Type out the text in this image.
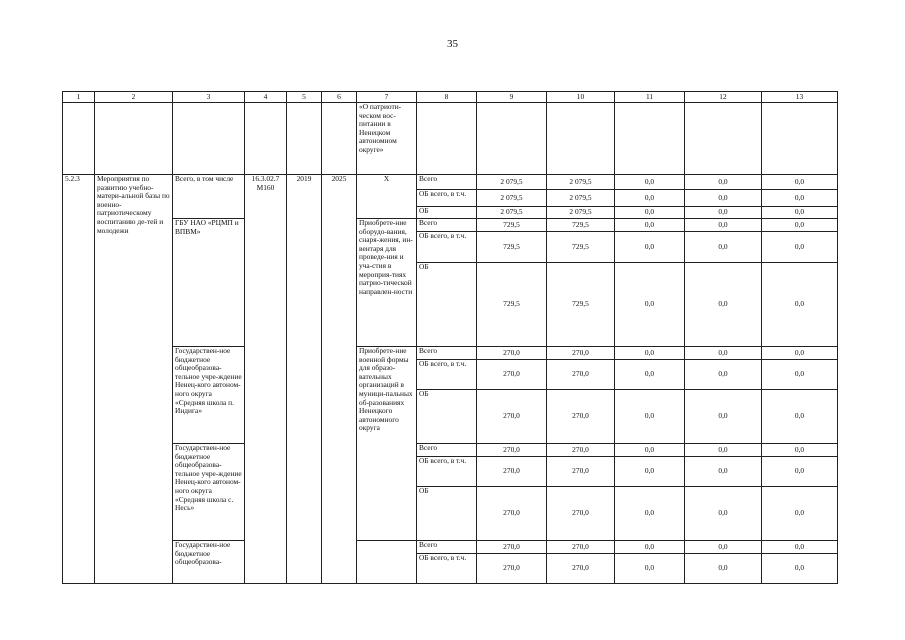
35
1	2	3	4	5	6	7	8	9	10	11	12	13
						«О патриоти-ческом вос-питании в Ненецком автономном округе»						
5.2.3	Мероприятия по развитию учебно-матери-альной базы по военно-патриотическому воспитанию де-тей и молодежи	Всего, в том числе	16.3.02.7 М160	2019	2025	X	Всего	2 079,5	2 079,5	0,0	0,0	0,0
							ОБ всего, в т.ч.	2 079,5	2 079,5	0,0	0,0	0,0
							ОБ	2 079,5	2 079,5	0,0	0,0	0,0
		ГБУ НАО «РЦМП и ВПВМ»				Приобрете-ние оборудо-вания, снаря-жения, ин-вентаря для проведе-ния и уча-стия в мероприя-тиях патрио-тической направлен-ности	Всего	729,5	729,5	0,0	0,0	0,0
							ОБ всего, в т.ч.	729,5	729,5	0,0	0,0	0,0
							ОБ	729,5	729,5	0,0	0,0	0,0
		Государствен-ное бюджетное общеобразова-тельное учре-ждение Ненец-кого автоном-ного округа «Средняя школа п. Индига»				Приобрете-ние военной формы для образо-вательных организаций в муници-пальных об-разованиях Ненецкого автономного округа	Всего	270,0	270,0	0,0	0,0	0,0
							ОБ всего, в т.ч.	270,0	270,0	0,0	0,0	0,0
							ОБ	270,0	270,0	0,0	0,0	0,0
		Государствен-ное бюджетное общеобразова-тельное учре-ждение Ненец-кого автоном-ного округа «Средняя школа с. Несь»					Всего	270,0	270,0	0,0	0,0	0,0
							ОБ всего, в т.ч.	270,0	270,0	0,0	0,0	0,0
							ОБ	270,0	270,0	0,0	0,0	0,0
		Государствен-ное бюджетное общеобразова-					Всего	270,0	270,0	0,0	0,0	0,0
							ОБ всего, в т.ч.	270,0	270,0	0,0	0,0	0,0
